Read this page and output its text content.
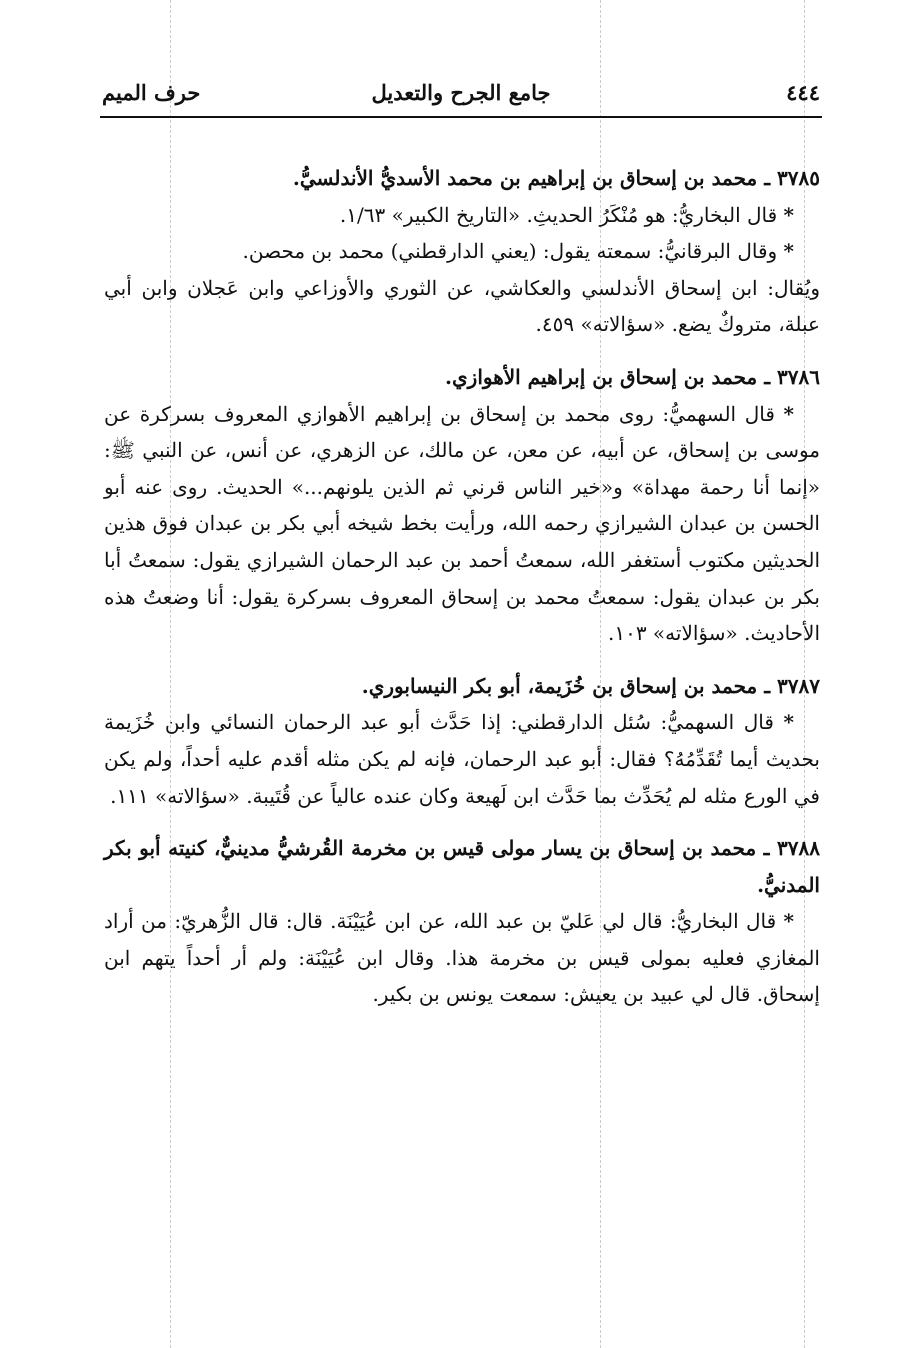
٤٤٤
جامع الجرح والتعديل
حرف الميم

٣٧٨٥ ـ محمد بن إسحاق بن إبراهيم بن محمد الأسديُّ الأندلسيُّ.

* قال البخاريُّ: هو مُنْكَرُ الحديثِ. «التاريخ الكبير» ١/٦٣.

* وقال البرقانيُّ: سمعته يقول: (يعني الدارقطني) محمد بن محصن.

ويُقال: ابن إسحاق الأندلسي والعكاشي، عن الثوري والأوزاعي وابن عَجلان وابن أبي عبلة، متروكٌ يضع. «سؤالاته» ٤٥٩.

٣٧٨٦ ـ محمد بن إسحاق بن إبراهيم الأهوازي.

* قال السهميُّ: روى محمد بن إسحاق بن إبراهيم الأهوازي المعروف بسركرة عن موسى بن إسحاق، عن أبيه، عن معن، عن مالك، عن الزهري، عن أنس، عن النبي ﷺ: «إنما أنا رحمة مهداة» و«خير الناس قرني ثم الذين يلونهم...» الحديث. روى عنه أبو الحسن بن عبدان الشيرازي رحمه الله، ورأيت بخط شيخه أبي بكر بن عبدان فوق هذين الحديثين مكتوب أستغفر الله، سمعتُ أحمد بن عبد الرحمان الشيرازي يقول: سمعتُ أبا بكر بن عبدان يقول: سمعتُ محمد بن إسحاق المعروف بسركرة يقول: أنا وضعتُ هذه الأحاديث. «سؤالاته» ١٠٣.

٣٧٨٧ ـ محمد بن إسحاق بن خُزَيمة، أبو بكر النيسابوري.

* قال السهميُّ: سُئل الدارقطني: إذا حَدَّث أبو عبد الرحمان النسائي وابن خُزَيمة بحديث أيما تُقَدِّمُهُ؟ فقال: أبو عبد الرحمان، فإنه لم يكن مثله أقدم عليه أحداً، ولم يكن في الورع مثله لم يُحَدِّث بما حَدَّث ابن لَهيعة وكان عنده عالياً عن قُتَيبة. «سؤالاته» ١١١.

٣٧٨٨ ـ محمد بن إسحاق بن يسار مولى قيس بن مخرمة القُرشيُّ مدينيٌّ، كنيته أبو بكر المدنيُّ.

* قال البخاريُّ: قال لي عَليّ بن عبد الله، عن ابن عُيَيْنَة. قال: قال الزُّهريّ: من أراد المغازي فعليه بمولى قيس بن مخرمة هذا. وقال ابن عُيَيْنَة: ولم أر أحداً يتهم ابن إسحاق. قال لي عبيد بن يعيش: سمعت يونس بن بكير.
